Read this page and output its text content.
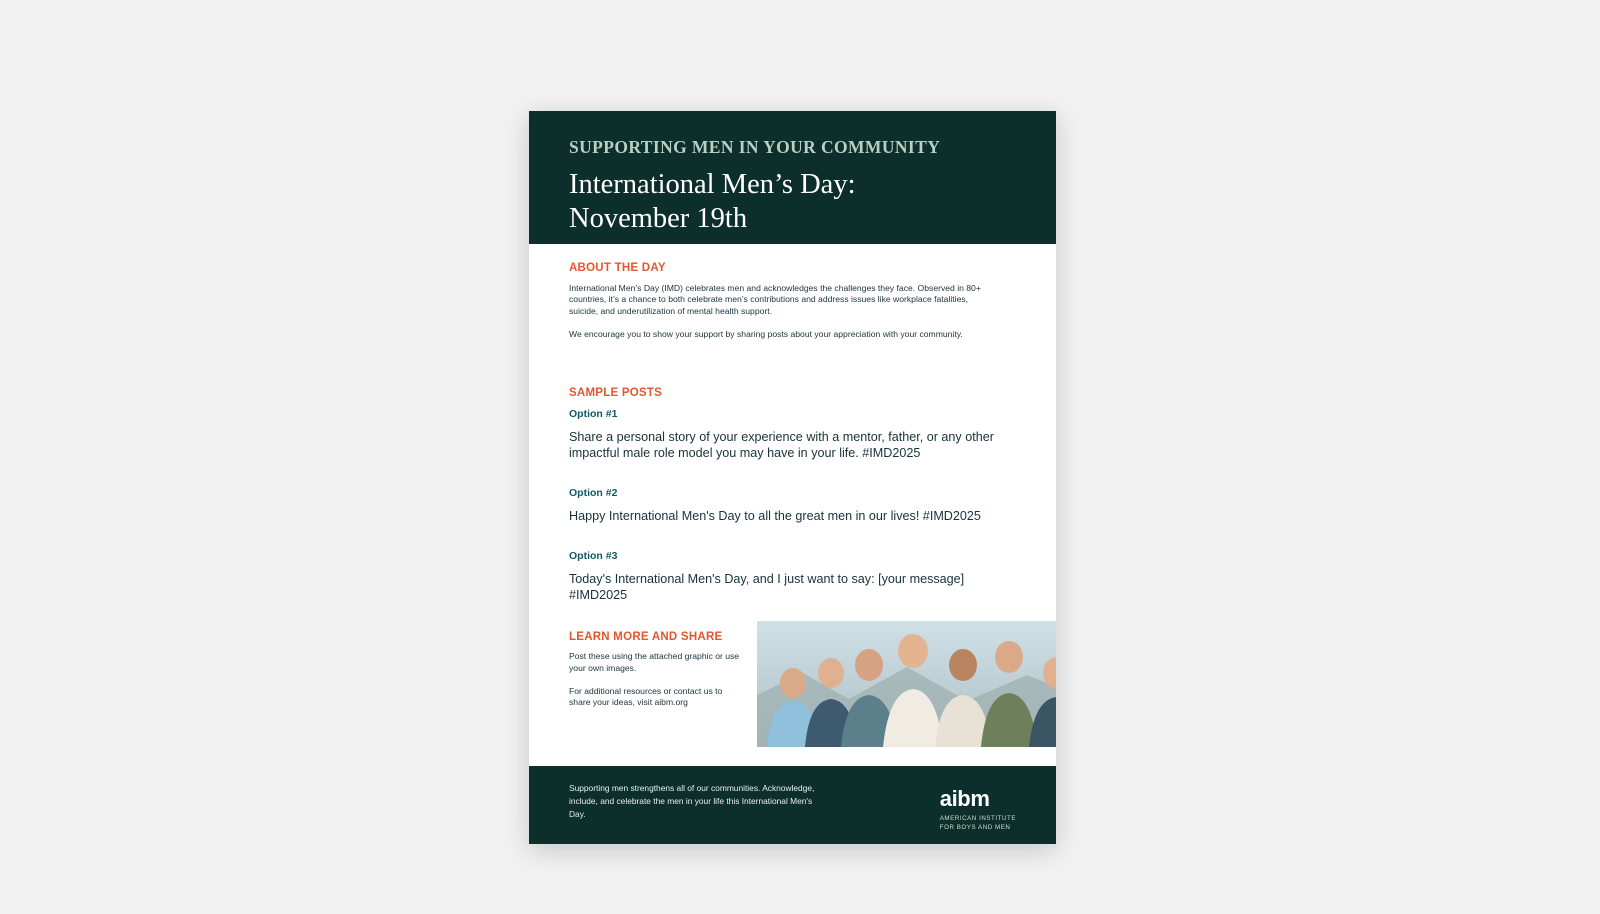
SUPPORTING MEN IN YOUR COMMUNITY

International Men’s Day:
November 19th

ABOUT THE DAY

International Men’s Day (IMD) celebrates men and acknowledges the challenges they face. Observed in 80+ countries, it’s a chance to both celebrate men’s contributions and address issues like workplace fatalities, suicide, and underutilization of mental health support.

We encourage you to show your support by sharing posts about your appreciation with your community.

SAMPLE POSTS

Option #1

Share a personal story of your experience with a mentor, father, or any other impactful male role model you may have in your life. #IMD2025

Option #2

Happy International Men's Day to all the great men in our lives! #IMD2025

Option #3

Today's International Men's Day, and I just want to say: [your message] #IMD2025

LEARN MORE AND SHARE

Post these using the attached graphic or use your own images.

For additional resources or contact us to share your ideas, visit aibm.org

Supporting men strengthens all of our communities. Acknowledge, include, and celebrate the men in your life this International Men's Day.

aibm

AMERICAN INSTITUTE

FOR BOYS AND MEN
